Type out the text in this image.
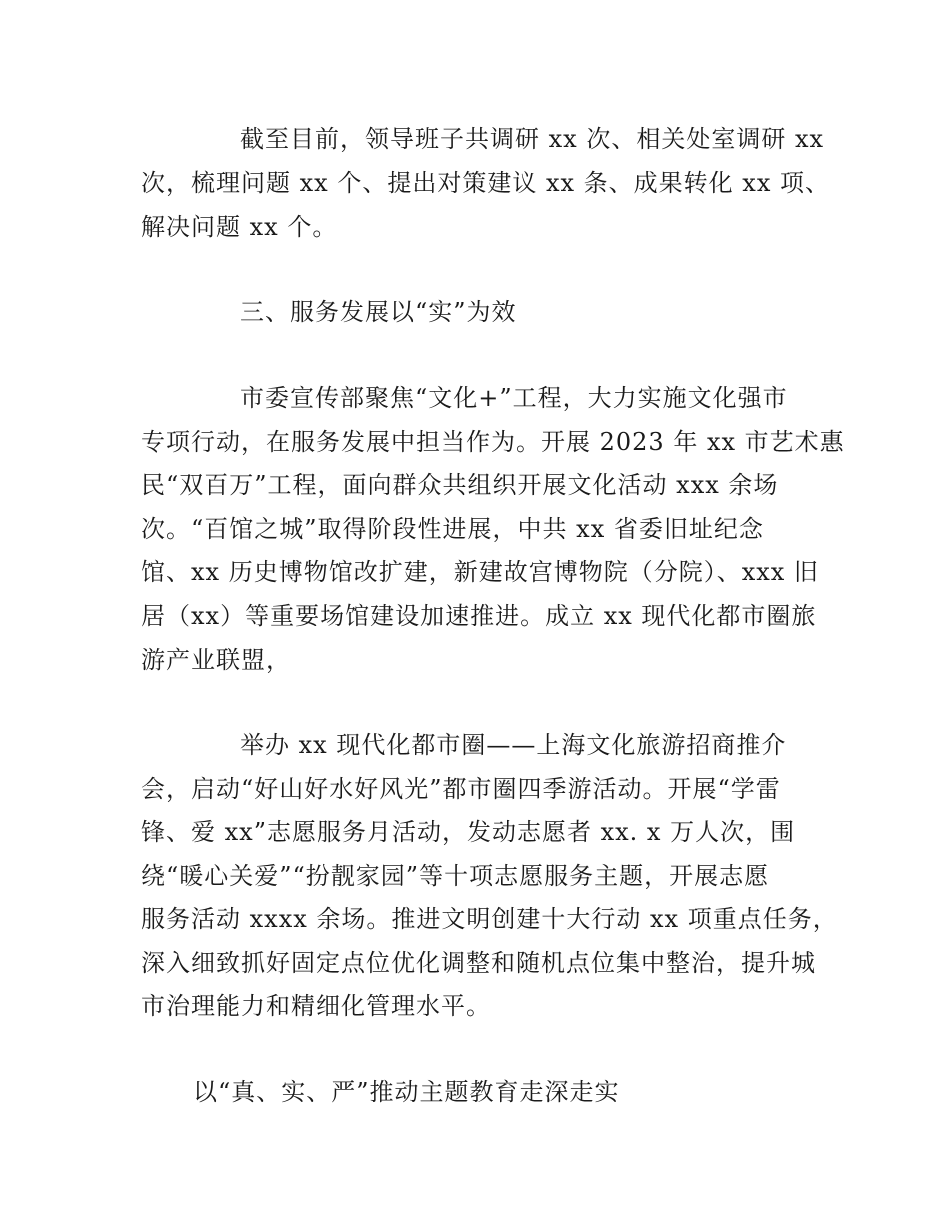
截至目前，领导班子共调研 xx 次、相关处室调研 xx
次，梳理问题 xx 个、提出对策建议 xx 条、成果转化 xx 项、
解决问题 xx 个。
三、服务发展以“实”为效
市委宣传部聚焦“文化+”工程，大力实施文化强市
专项行动，在服务发展中担当作为。开展 2023 年 xx 市艺术惠
民“双百万”工程，面向群众共组织开展文化活动 xxx 余场
次。“百馆之城”取得阶段性进展，中共 xx 省委旧址纪念
馆、xx 历史博物馆改扩建，新建故宫博物院（分院）、xxx 旧
居（xx）等重要场馆建设加速推进。成立 xx 现代化都市圈旅
游产业联盟，
举办 xx 现代化都市圈——上海文化旅游招商推介
会，启动“好山好水好风光”都市圈四季游活动。开展“学雷
锋、爱 xx”志愿服务月活动，发动志愿者 xx. x 万人次，围
绕“暖心关爱”“扮靓家园”等十项志愿服务主题，开展志愿
服务活动 xxxx 余场。推进文明创建十大行动 xx 项重点任务，
深入细致抓好固定点位优化调整和随机点位集中整治，提升城
市治理能力和精细化管理水平。
以“真、实、严”推动主题教育走深走实
